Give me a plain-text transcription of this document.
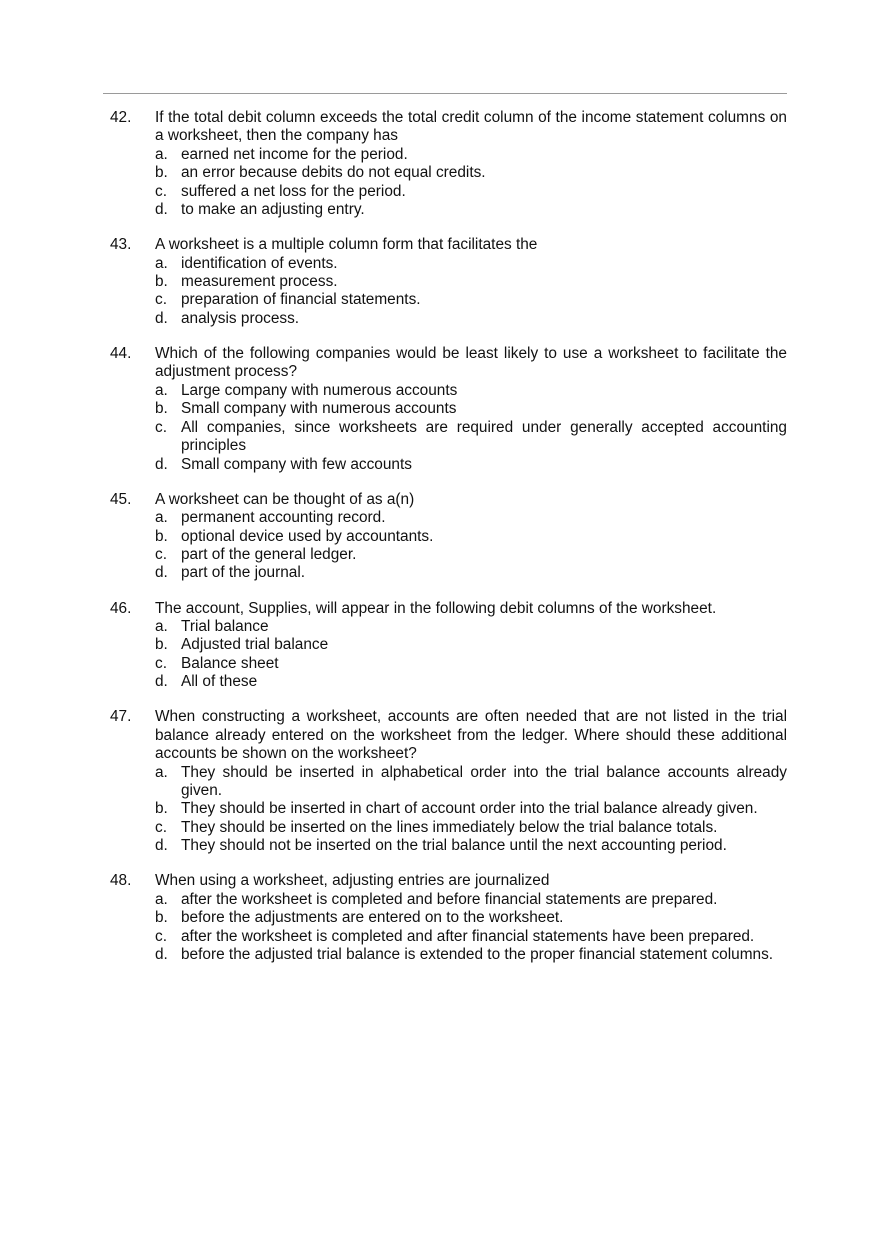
42.	If the total debit column exceeds the total credit column of the income statement columns on a worksheet, then the company has
a. earned net income for the period.
b. an error because debits do not equal credits.
c. suffered a net loss for the period.
d. to make an adjusting entry.
43.	A worksheet is a multiple column form that facilitates the
a. identification of events.
b. measurement process.
c. preparation of financial statements.
d. analysis process.
44.	Which of the following companies would be least likely to use a worksheet to facilitate the adjustment process?
a. Large company with numerous accounts
b. Small company with numerous accounts
c. All companies, since worksheets are required under generally accepted accounting principles
d. Small company with few accounts
45.	A worksheet can be thought of as a(n)
a. permanent accounting record.
b. optional device used by accountants.
c. part of the general ledger.
d. part of the journal.
46.	The account, Supplies, will appear in the following debit columns of the worksheet.
a. Trial balance
b. Adjusted trial balance
c. Balance sheet
d. All of these
47.	When constructing a worksheet, accounts are often needed that are not listed in the trial balance already entered on the worksheet from the ledger. Where should these additional accounts be shown on the worksheet?
a. They should be inserted in alphabetical order into the trial balance accounts already given.
b. They should be inserted in chart of account order into the trial balance already given.
c. They should be inserted on the lines immediately below the trial balance totals.
d. They should not be inserted on the trial balance until the next accounting period.
48.	When using a worksheet, adjusting entries are journalized
a. after the worksheet is completed and before financial statements are prepared.
b. before the adjustments are entered on to the worksheet.
c. after the worksheet is completed and after financial statements have been prepared.
d. before the adjusted trial balance is extended to the proper financial statement columns.
